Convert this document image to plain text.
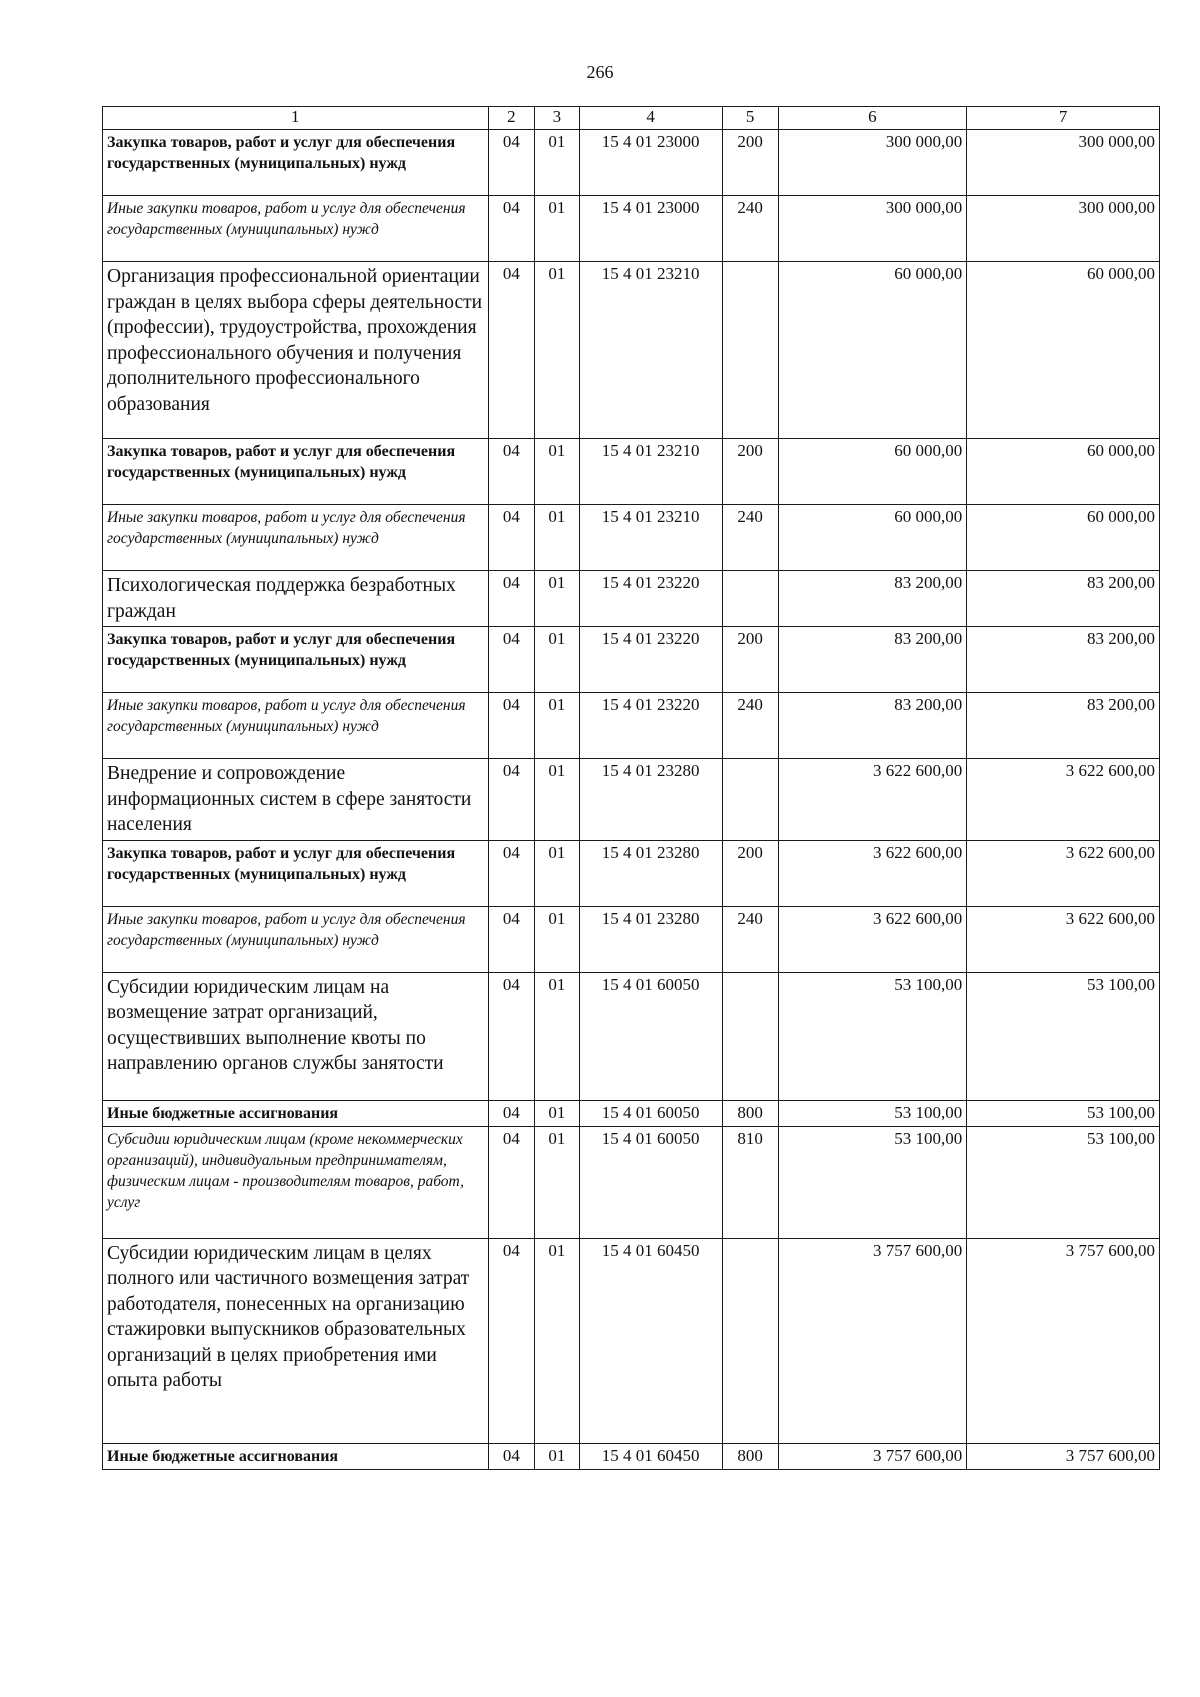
266
1	2	3	4	5	6	7
Закупка товаров, работ и услуг для обеспечения государственных (муниципальных) нужд	04	01	15 4 01 23000	200	300 000,00	300 000,00
Иные закупки товаров, работ и услуг для обеспечения государственных (муниципальных) нужд	04	01	15 4 01 23000	240	300 000,00	300 000,00
Организация профессиональной ориентации граждан в целях выбора сферы деятельности (профессии), трудоустройства, прохождения профессионального обучения и получения дополнительного профессионального образования	04	01	15 4 01 23210		60 000,00	60 000,00
Закупка товаров, работ и услуг для обеспечения государственных (муниципальных) нужд	04	01	15 4 01 23210	200	60 000,00	60 000,00
Иные закупки товаров, работ и услуг для обеспечения государственных (муниципальных) нужд	04	01	15 4 01 23210	240	60 000,00	60 000,00
Психологическая поддержка безработных граждан	04	01	15 4 01 23220		83 200,00	83 200,00
Закупка товаров, работ и услуг для обеспечения государственных (муниципальных) нужд	04	01	15 4 01 23220	200	83 200,00	83 200,00
Иные закупки товаров, работ и услуг для обеспечения государственных (муниципальных) нужд	04	01	15 4 01 23220	240	83 200,00	83 200,00
Внедрение и сопровождение информационных систем в сфере занятости населения	04	01	15 4 01 23280		3 622 600,00	3 622 600,00
Закупка товаров, работ и услуг для обеспечения государственных (муниципальных) нужд	04	01	15 4 01 23280	200	3 622 600,00	3 622 600,00
Иные закупки товаров, работ и услуг для обеспечения государственных (муниципальных) нужд	04	01	15 4 01 23280	240	3 622 600,00	3 622 600,00
Субсидии юридическим лицам на возмещение затрат организаций, осуществивших выполнение квоты по направлению органов службы занятости	04	01	15 4 01 60050		53 100,00	53 100,00
Иные бюджетные ассигнования	04	01	15 4 01 60050	800	53 100,00	53 100,00
Субсидии юридическим лицам (кроме некоммерческих организаций), индивидуальным предпринимателям, физическим лицам - производителям товаров, работ, услуг	04	01	15 4 01 60050	810	53 100,00	53 100,00
Субсидии юридическим лицам в целях полного или частичного возмещения затрат работодателя, понесенных на организацию стажировки выпускников образовательных организаций в целях приобретения ими опыта работы	04	01	15 4 01 60450		3 757 600,00	3 757 600,00
Иные бюджетные ассигнования	04	01	15 4 01 60450	800	3 757 600,00	3 757 600,00
